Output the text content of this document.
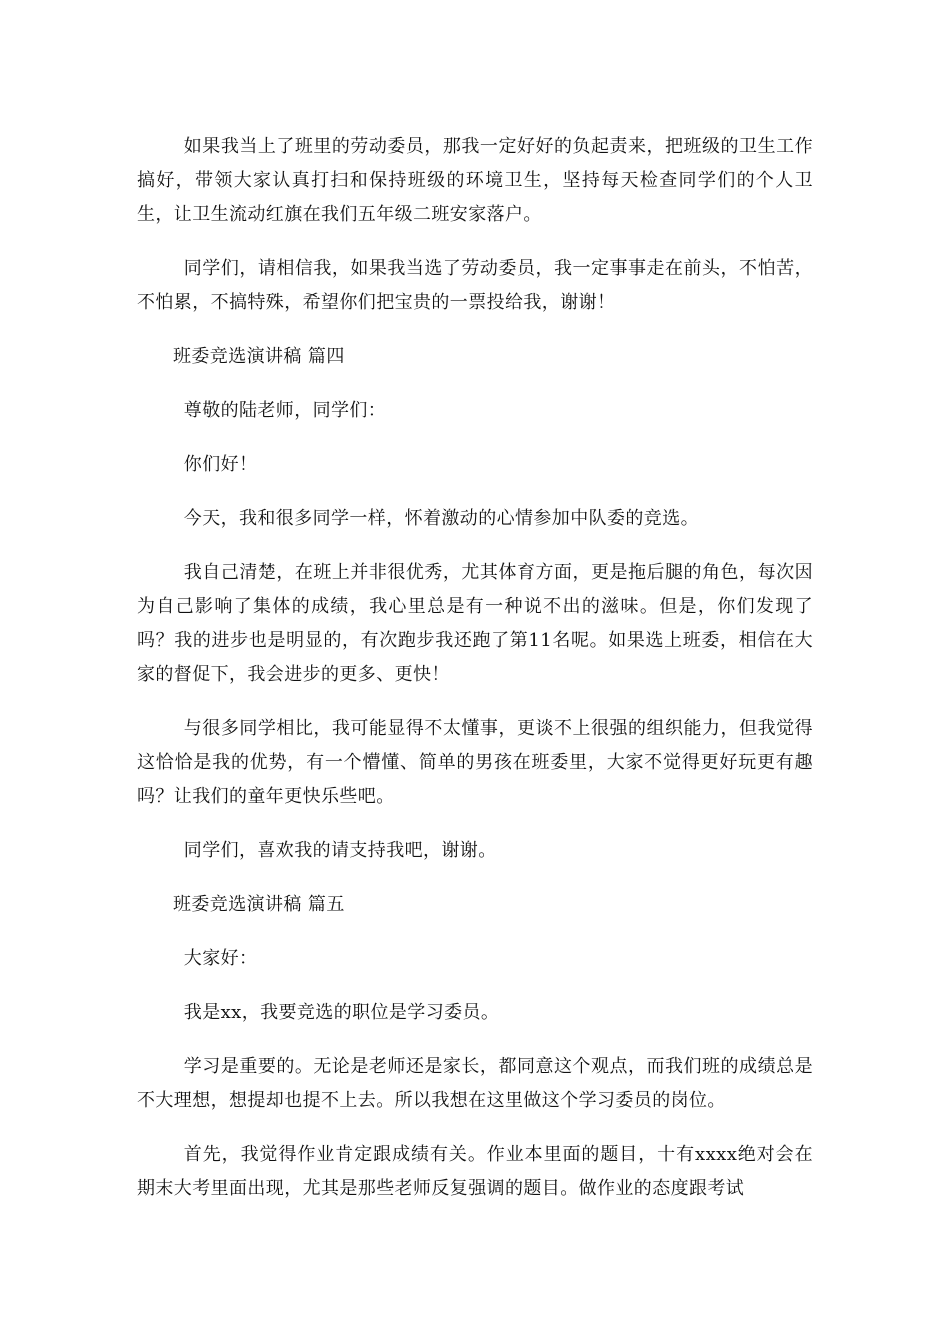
如果我当上了班里的劳动委员，那我一定好好的负起责来，把班级的卫生工作搞好，带领大家认真打扫和保持班级的环境卫生，坚持每天检查同学们的个人卫生，让卫生流动红旗在我们五年级二班安家落户。

同学们，请相信我，如果我当选了劳动委员，我一定事事走在前头，不怕苦，不怕累，不搞特殊，希望你们把宝贵的一票投给我，谢谢！

班委竞选演讲稿 篇四

尊敬的陆老师，同学们：

你们好！

今天，我和很多同学一样，怀着激动的心情参加中队委的竞选。

我自己清楚，在班上并非很优秀，尤其体育方面，更是拖后腿的角色，每次因为自己影响了集体的成绩，我心里总是有一种说不出的滋味。但是，你们发现了吗？我的进步也是明显的，有次跑步我还跑了第11名呢。如果选上班委，相信在大家的督促下，我会进步的更多、更快！

与很多同学相比，我可能显得不太懂事，更谈不上很强的组织能力，但我觉得这恰恰是我的优势，有一个懵懂、简单的男孩在班委里，大家不觉得更好玩更有趣吗？让我们的童年更快乐些吧。

同学们，喜欢我的请支持我吧，谢谢。

班委竞选演讲稿 篇五

大家好：

我是xx，我要竞选的职位是学习委员。

学习是重要的。无论是老师还是家长，都同意这个观点，而我们班的成绩总是不大理想，想提却也提不上去。所以我想在这里做这个学习委员的岗位。

首先，我觉得作业肯定跟成绩有关。作业本里面的题目，十有xxxx绝对会在期末大考里面出现，尤其是那些老师反复强调的题目。做作业的态度跟考试
